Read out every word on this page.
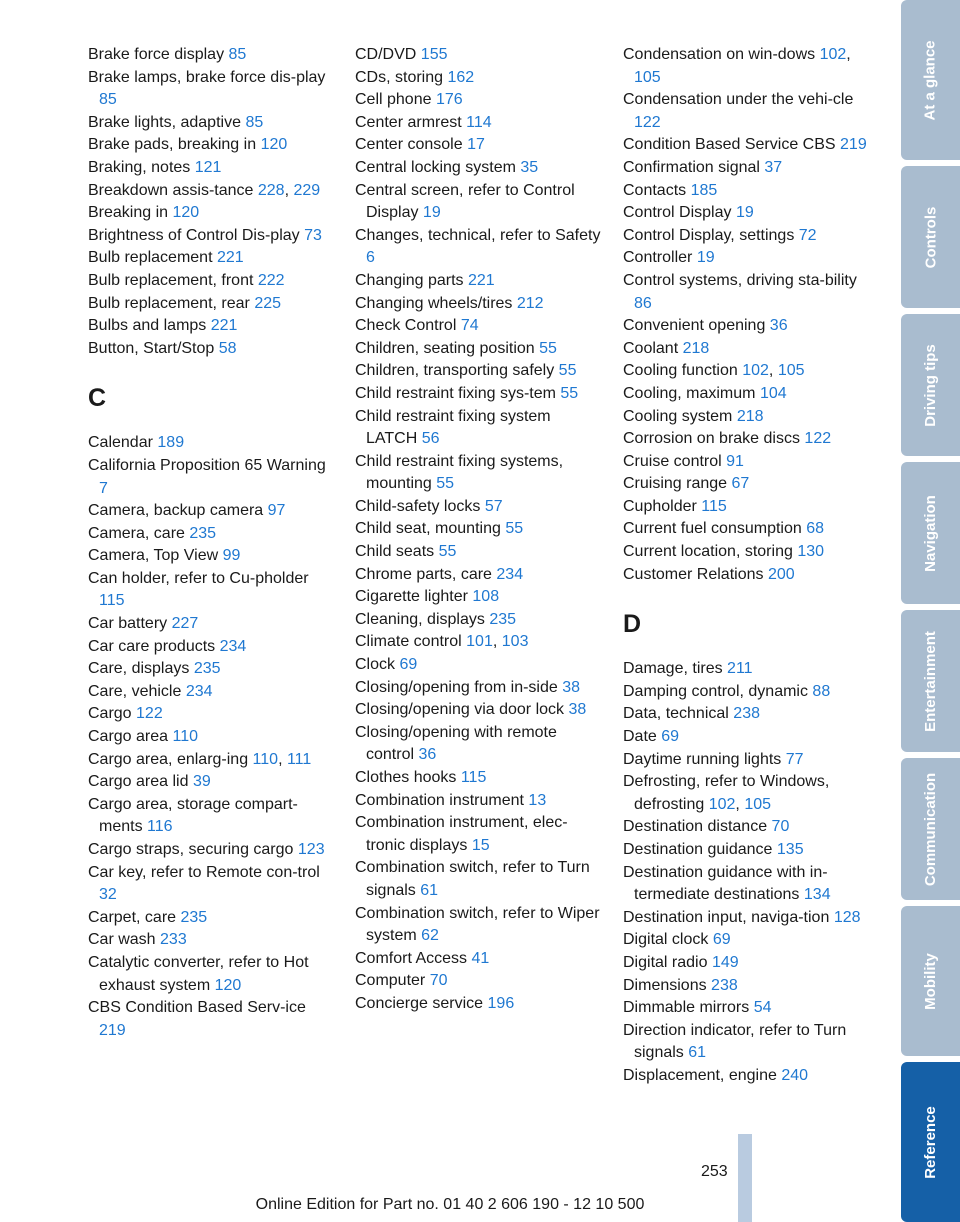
Brake force display 85
Brake lamps, brake force dis-play 85
Brake lights, adaptive 85
Brake pads, breaking in 120
Braking, notes 121
Breakdown assis-tance 228, 229
Breaking in 120
Brightness of Control Dis-play 73
Bulb replacement 221
Bulb replacement, front 222
Bulb replacement, rear 225
Bulbs and lamps 221
Button, Start/Stop 58
C
Calendar 189
California Proposition 65 Warning 7
Camera, backup camera 97
Camera, care 235
Camera, Top View 99
Can holder, refer to Cu-pholder 115
Car battery 227
Car care products 234
Care, displays 235
Care, vehicle 234
Cargo 122
Cargo area 110
Cargo area, enlarg-ing 110, 111
Cargo area lid 39
Cargo area, storage compart-ments 116
Cargo straps, securing cargo 123
Car key, refer to Remote con-trol 32
Carpet, care 235
Car wash 233
Catalytic converter, refer to Hot exhaust system 120
CBS Condition Based Serv-ice 219
CD/DVD 155
CDs, storing 162
Cell phone 176
Center armrest 114
Center console 17
Central locking system 35
Central screen, refer to Control Display 19
Changes, technical, refer to Safety 6
Changing parts 221
Changing wheels/tires 212
Check Control 74
Children, seating position 55
Children, transporting safely 55
Child restraint fixing sys-tem 55
Child restraint fixing system LATCH 56
Child restraint fixing systems, mounting 55
Child-safety locks 57
Child seat, mounting 55
Child seats 55
Chrome parts, care 234
Cigarette lighter 108
Cleaning, displays 235
Climate control 101, 103
Clock 69
Closing/opening from in-side 38
Closing/opening via door lock 38
Closing/opening with remote control 36
Clothes hooks 115
Combination instrument 13
Combination instrument, elec-tronic displays 15
Combination switch, refer to Turn signals 61
Combination switch, refer to Wiper system 62
Comfort Access 41
Computer 70
Concierge service 196
Condensation on win-dows 102, 105
Condensation under the vehi-cle 122
Condition Based Service CBS 219
Confirmation signal 37
Contacts 185
Control Display 19
Control Display, settings 72
Controller 19
Control systems, driving sta-bility 86
Convenient opening 36
Coolant 218
Cooling function 102, 105
Cooling, maximum 104
Cooling system 218
Corrosion on brake discs 122
Cruise control 91
Cruising range 67
Cupholder 115
Current fuel consumption 68
Current location, storing 130
Customer Relations 200
D
Damage, tires 211
Damping control, dynamic 88
Data, technical 238
Date 69
Daytime running lights 77
Defrosting, refer to Windows, defrosting 102, 105
Destination distance 70
Destination guidance 135
Destination guidance with in-termediate destinations 134
Destination input, naviga-tion 128
Digital clock 69
Digital radio 149
Dimensions 238
Dimmable mirrors 54
Direction indicator, refer to Turn signals 61
Displacement, engine 240
At a glance
Controls
Driving tips
Navigation
Entertainment
Communication
Mobility
Reference
253
Online Edition for Part no. 01 40 2 606 190 - 12 10 500
